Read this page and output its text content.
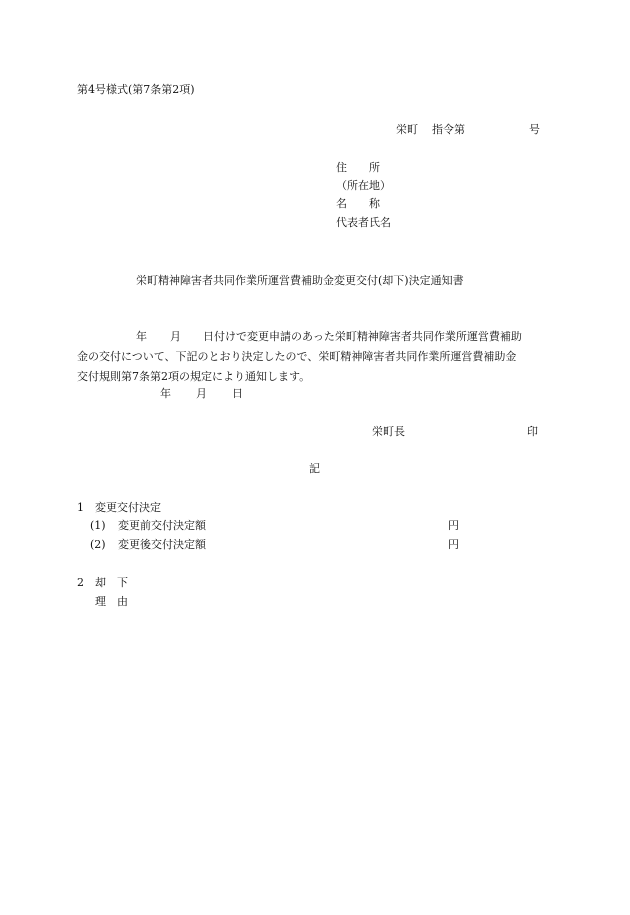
第4号様式(第7条第2項)
栄町 指令第	号
住　　所
（所在地）
名　　称
代表者氏名
栄町精神障害者共同作業所運営費補助金変更交付(却下)決定通知書

年 月 日付けで変更申請のあった栄町精神障害者共同作業所運営費補助

金の交付について、下記のとおり決定したので、栄町精神障害者共同作業所運営費補助金

交付規則第7条第2項の規定により通知します。

年 月 日
栄町長	印
記
1　変更交付決定
(1) 変更前交付決定額	円
(2) 変更後交付決定額	円
2　却　下
理　由
